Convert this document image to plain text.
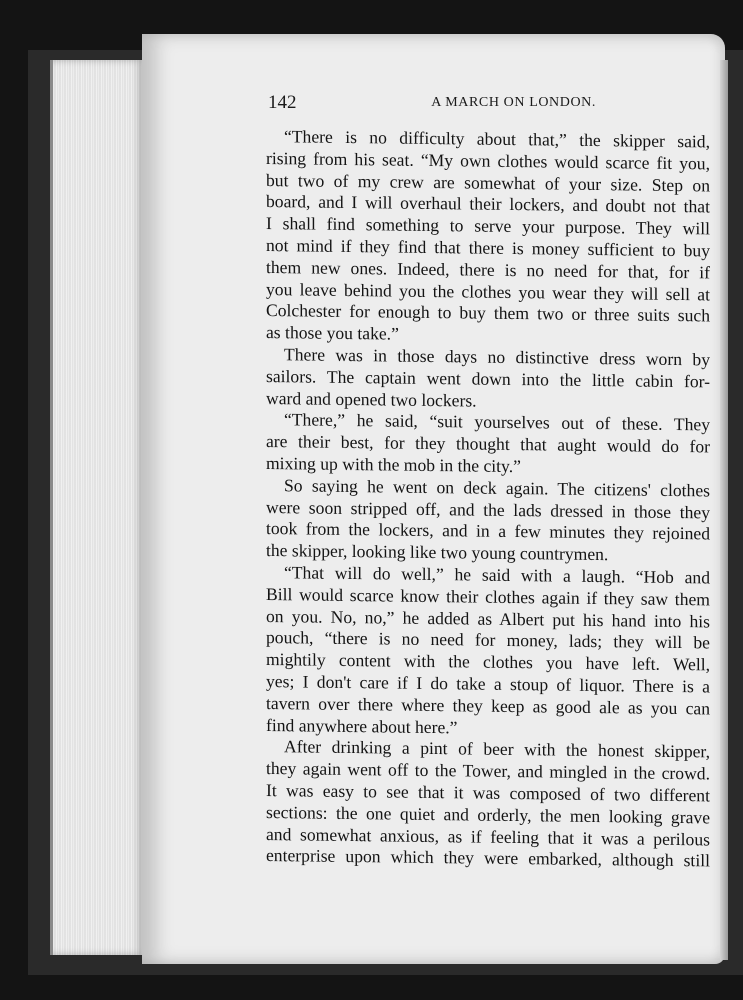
142	A MARCH ON LONDON.
“There is no difficulty about that,” the skipper said,
rising from his seat. “My own clothes would scarce fit you,
but two of my crew are somewhat of your size. Step on
board, and I will overhaul their lockers, and doubt not that
I shall find something to serve your purpose. They will
not mind if they find that there is money sufficient to buy
them new ones. Indeed, there is no need for that, for if
you leave behind you the clothes you wear they will sell at
Colchester for enough to buy them two or three suits such
as those you take.”
There was in those days no distinctive dress worn by
sailors. The captain went down into the little cabin for-
ward and opened two lockers.
“There,” he said, “suit yourselves out of these. They
are their best, for they thought that aught would do for
mixing up with the mob in the city.”
So saying he went on deck again. The citizens' clothes
were soon stripped off, and the lads dressed in those they
took from the lockers, and in a few minutes they rejoined
the skipper, looking like two young countrymen.
“That will do well,” he said with a laugh. “Hob and
Bill would scarce know their clothes again if they saw them
on you. No, no,” he added as Albert put his hand into his
pouch, “there is no need for money, lads; they will be
mightily content with the clothes you have left. Well,
yes; I don't care if I do take a stoup of liquor. There is a
tavern over there where they keep as good ale as you can
find anywhere about here.”
After drinking a pint of beer with the honest skipper,
they again went off to the Tower, and mingled in the crowd.
It was easy to see that it was composed of two different
sections: the one quiet and orderly, the men looking grave
and somewhat anxious, as if feeling that it was a perilous
enterprise upon which they were embarked, although still
